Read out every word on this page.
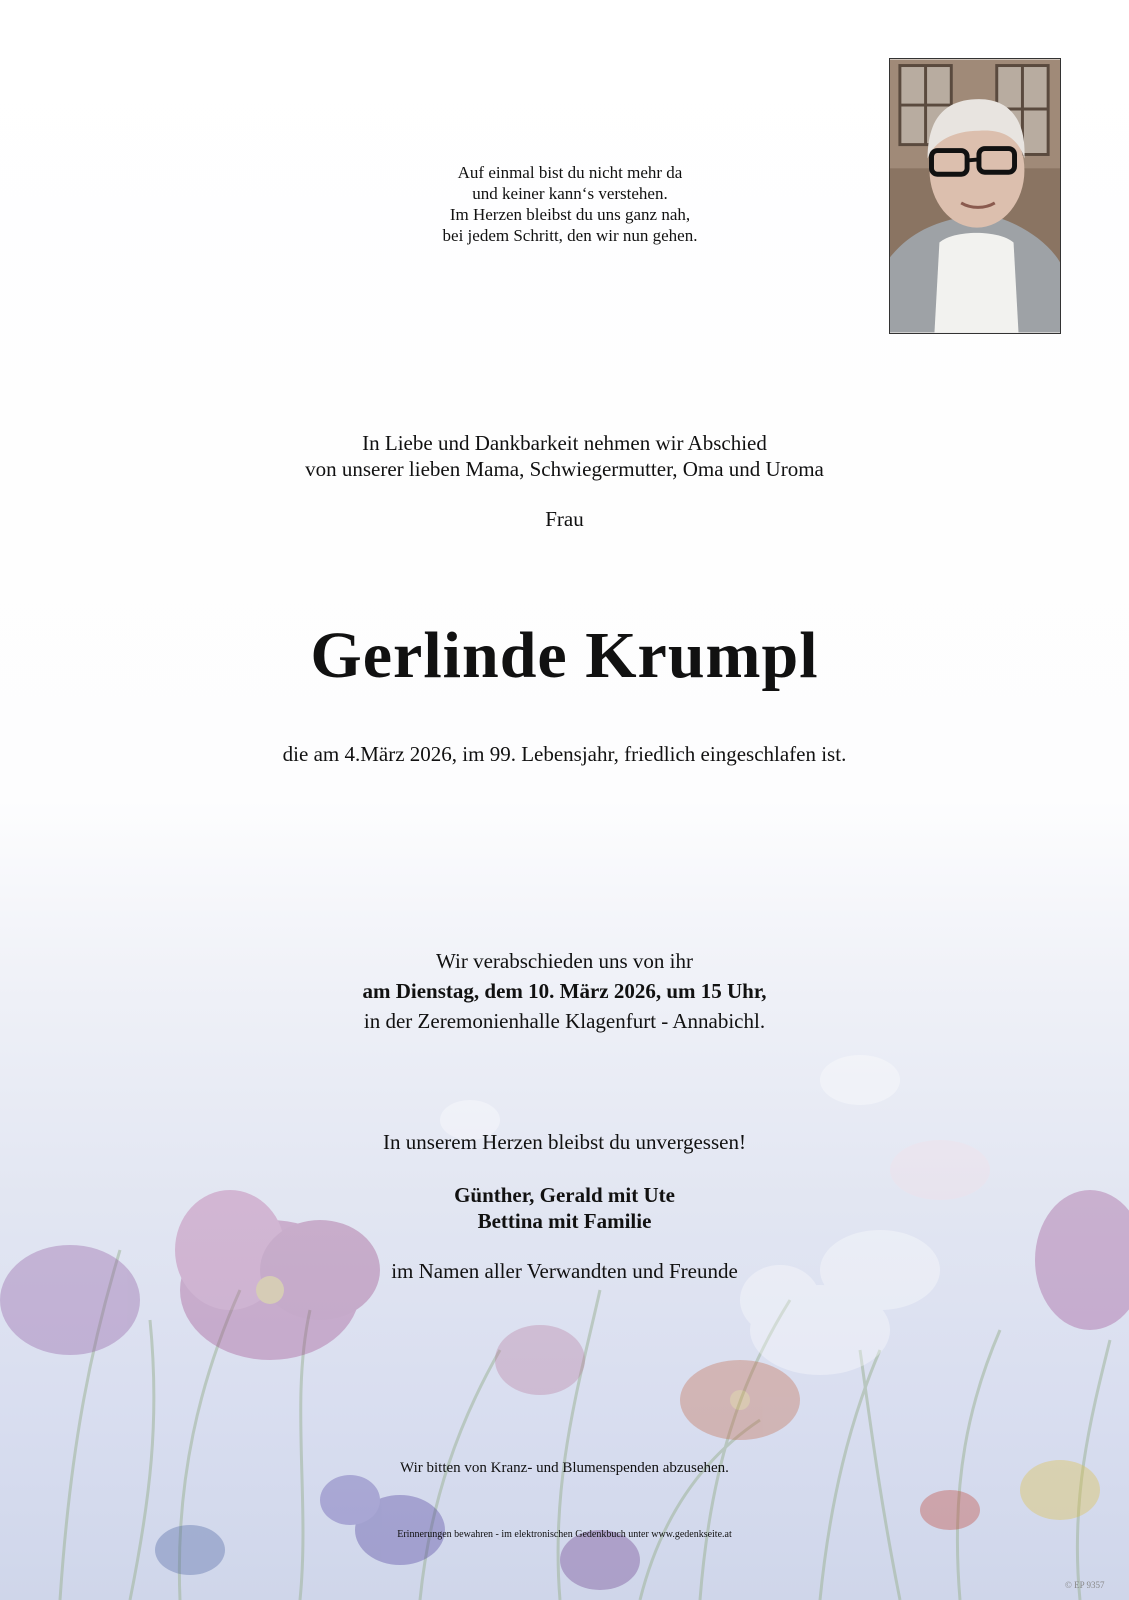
Auf einmal bist du nicht mehr da
und keiner kann‘s verstehen.
Im Herzen bleibst du uns ganz nah,
bei jedem Schritt, den wir nun gehen.
In Liebe und Dankbarkeit nehmen wir Abschied
von unserer lieben Mama, Schwiegermutter, Oma und Uroma
Frau
Gerlinde Krumpl
die am 4.März 2026, im 99. Lebensjahr, friedlich eingeschlafen ist.
Wir verabschieden uns von ihr
am Dienstag, dem 10. März 2026, um 15 Uhr,
in der Zeremonienhalle Klagenfurt - Annabichl.
In unserem Herzen bleibst du unvergessen!
Günther, Gerald mit Ute
Bettina mit Familie
im Namen aller Verwandten und Freunde
Wir bitten von Kranz- und Blumenspenden abzusehen.
Erinnerungen bewahren - im elektronischen Gedenkbuch unter www.gedenkseite.at
© EP 9357
